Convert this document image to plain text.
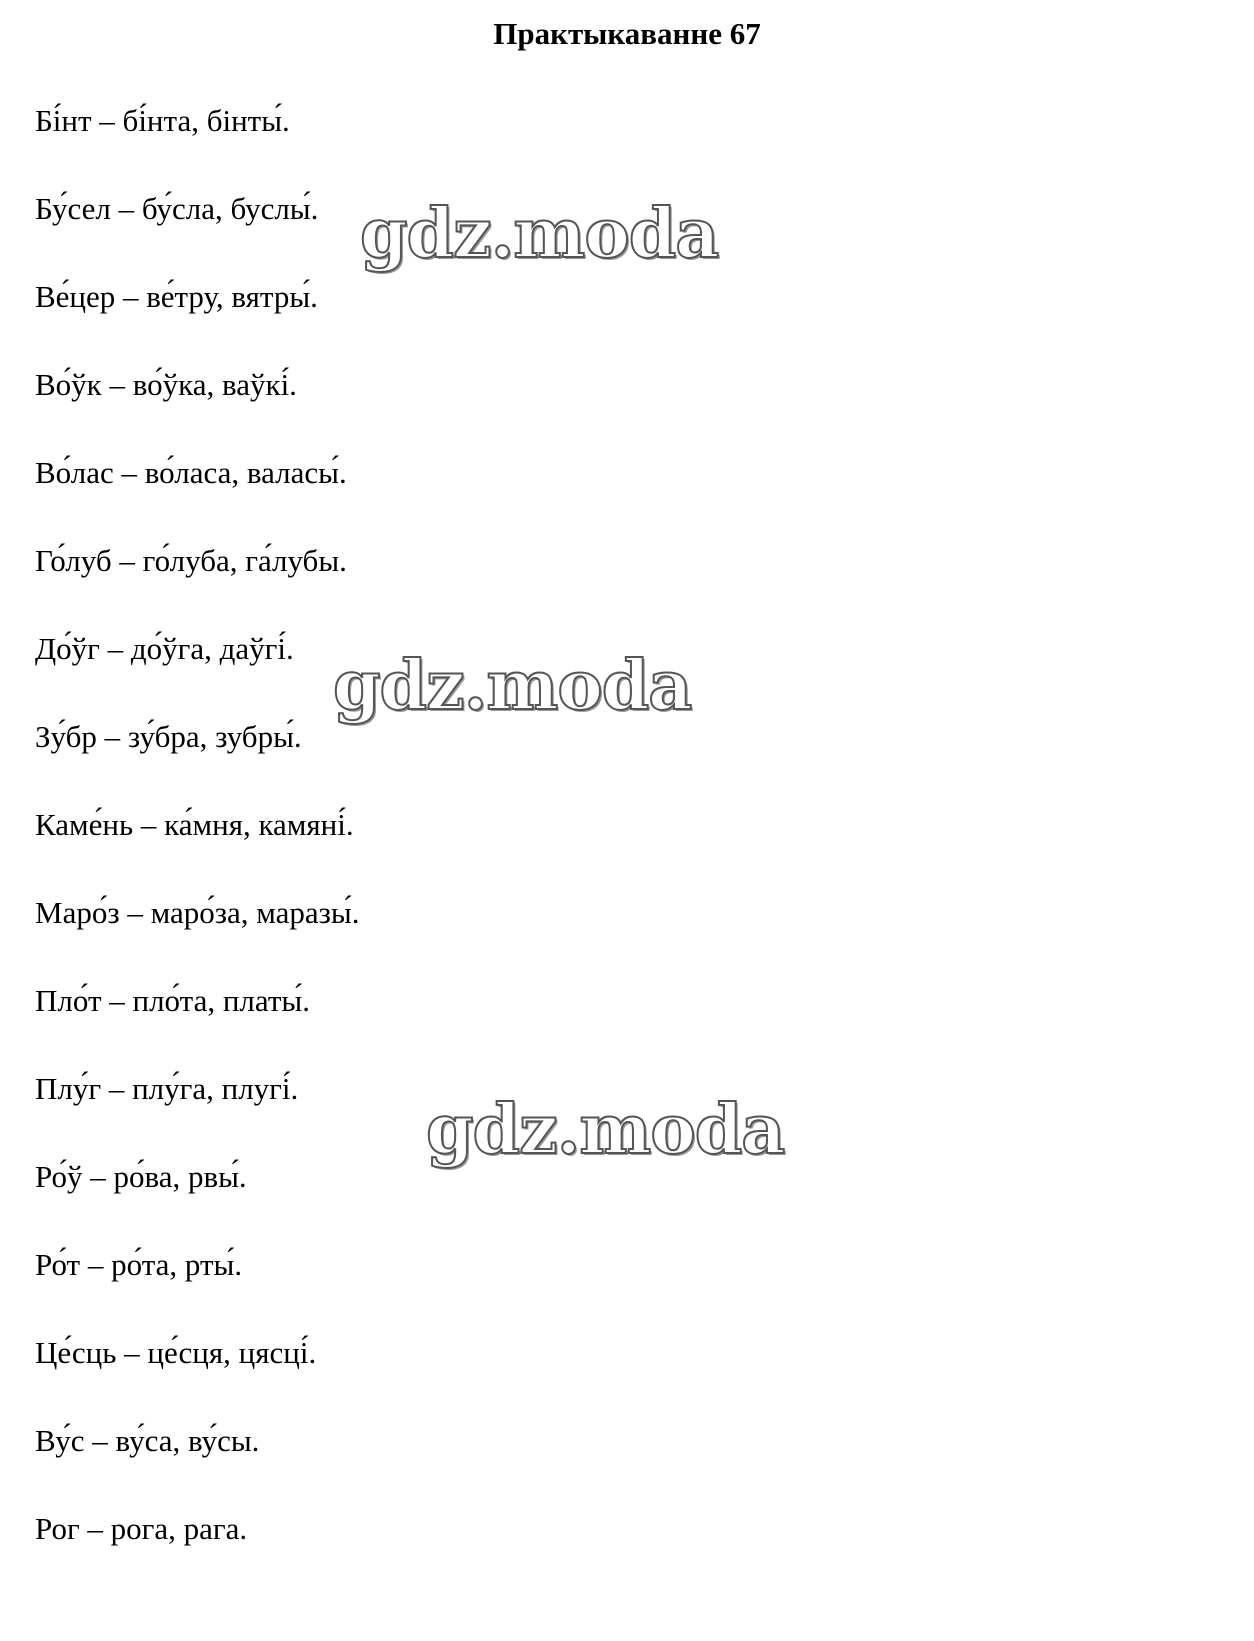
Практыкаванне 67
Бі́нт – бі́нта, бінты́.
Бу́сел – бу́сла, буслы́.
Ве́цер – ве́тру, вятры́.
Во́ўк – во́ўка, ваўкі́.
Во́лас – во́ласа, валасы́.
Го́луб – го́луба, га́лубы.
До́ўг – до́ўга, даўгі́.
Зу́бр – зу́бра, зубры́.
Каме́нь – ка́мня, камяні́.
Маро́з – маро́за, маразы́.
Пло́т – пло́та, платы́.
Плу́г – плу́га, плугі́.
Ро́ў – ро́ва, рвы́.
Ро́т – ро́та, рты́.
Це́сць – це́сця, цясці́.
Ву́с – ву́са, ву́сы.
Рог – рога, рага.
gdz.moda
gdz.moda
gdz.moda
